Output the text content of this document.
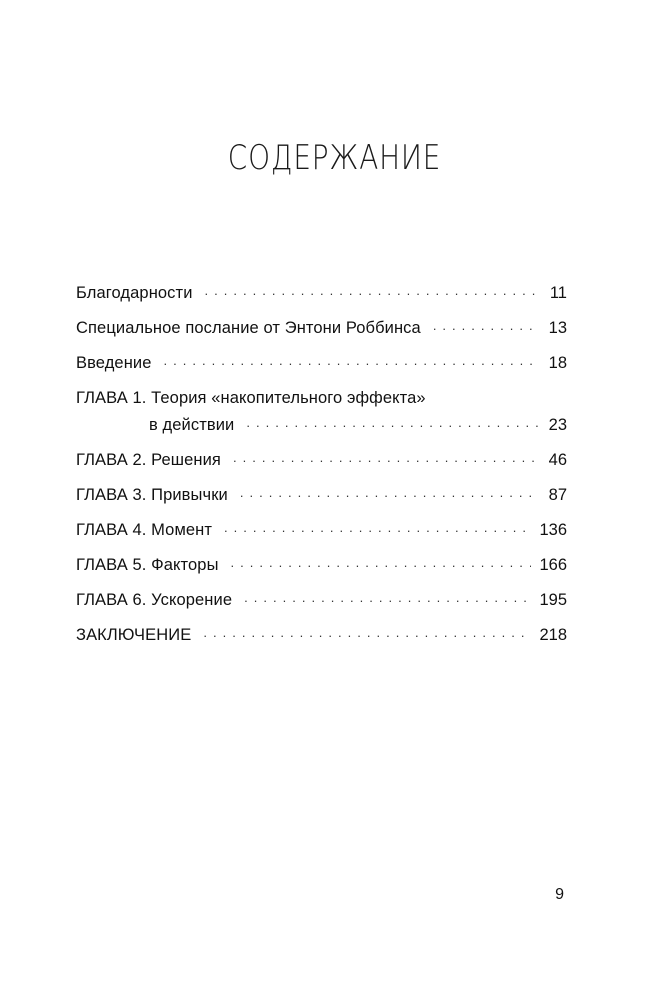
СОДЕРЖАНИЕ
Благодарности . . .	11
Специальное послание от Энтони Роббинса . . .	13
Введение . . .	18
ГЛАВА 1. Теория «накопительного эффекта»
в действии . . .	23
ГЛАВА 2. Решения . . .	46
ГЛАВА 3. Привычки . . .	87
ГЛАВА 4. Момент . . .	136
ГЛАВА 5. Факторы . . .	166
ГЛАВА 6. Ускорение . . .	195
ЗАКЛЮЧЕНИЕ . . .	218
9
